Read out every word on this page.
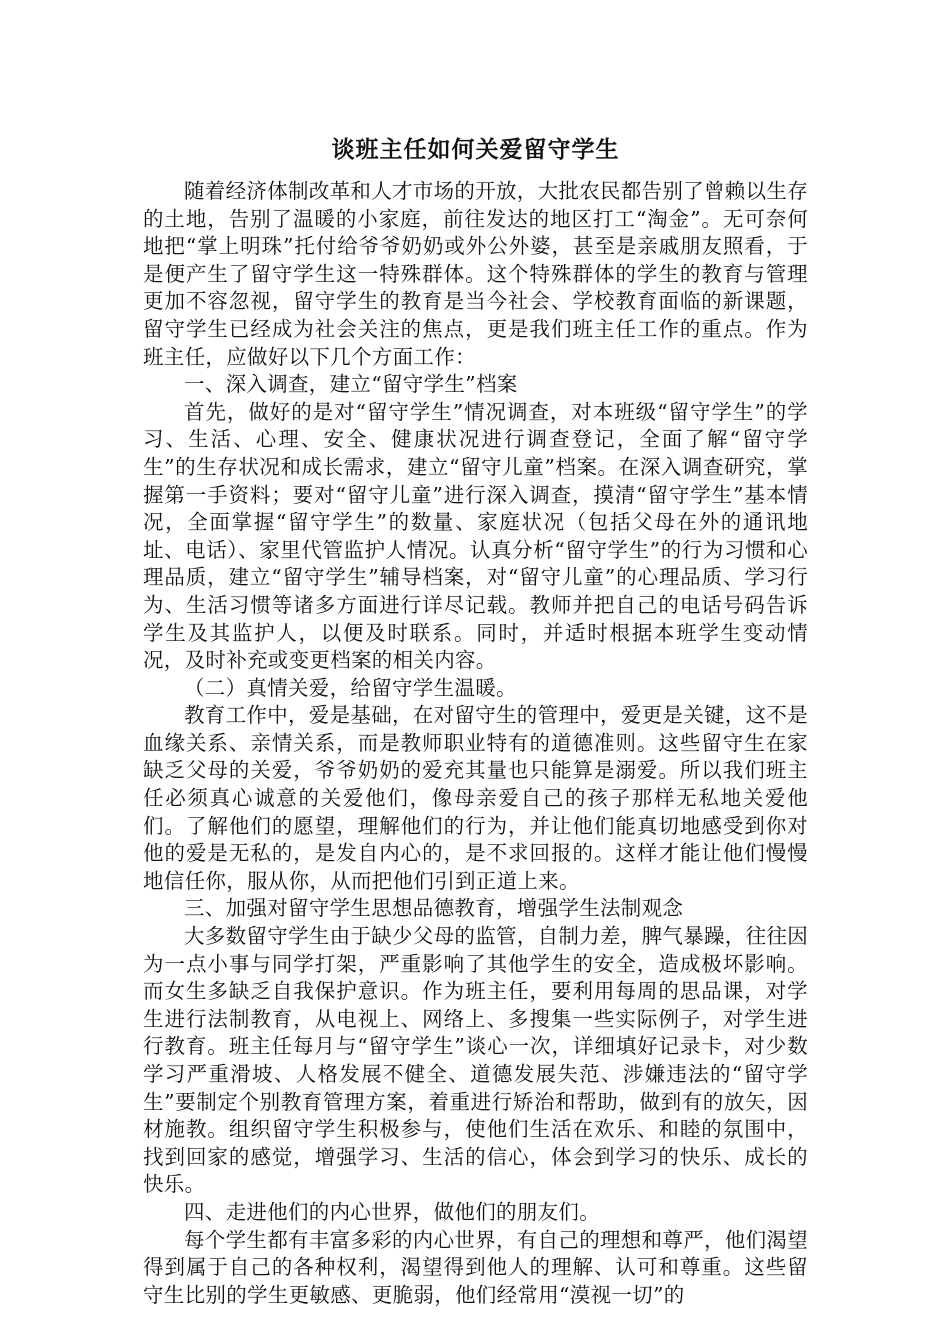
谈班主任如何关爱留守学生

随着经济体制改革和人才市场的开放，大批农民都告别了曾赖以生存的土地，告别了温暖的小家庭，前往发达的地区打工“淘金”。无可奈何地把“掌上明珠”托付给爷爷奶奶或外公外婆，甚至是亲戚朋友照看，于是便产生了留守学生这一特殊群体。这个特殊群体的学生的教育与管理更加不容忽视，留守学生的教育是当今社会、学校教育面临的新课题，留守学生已经成为社会关注的焦点，更是我们班主任工作的重点。作为班主任，应做好以下几个方面工作：

一、深入调查，建立“留守学生”档案

首先，做好的是对“留守学生”情况调查，对本班级“留守学生”的学习、生活、心理、安全、健康状况进行调查登记，全面了解“留守学生”的生存状况和成长需求，建立“留守儿童”档案。在深入调查研究，掌握第一手资料；要对“留守儿童”进行深入调查，摸清“留守学生”基本情况，全面掌握“留守学生”的数量、家庭状况（包括父母在外的通讯地址、电话）、家里代管监护人情况。认真分析“留守学生”的行为习惯和心理品质，建立“留守学生”辅导档案，对“留守儿童”的心理品质、学习行为、生活习惯等诸多方面进行详尽记载。教师并把自己的电话号码告诉学生及其监护人，以便及时联系。同时，并适时根据本班学生变动情况，及时补充或变更档案的相关内容。

（二）真情关爱，给留守学生温暖。

教育工作中，爱是基础，在对留守生的管理中，爱更是关键，这不是血缘关系、亲情关系，而是教师职业特有的道德准则。这些留守生在家缺乏父母的关爱，爷爷奶奶的爱充其量也只能算是溺爱。所以我们班主任必须真心诚意的关爱他们，像母亲爱自己的孩子那样无私地关爱他们。了解他们的愿望，理解他们的行为，并让他们能真切地感受到你对他的爱是无私的，是发自内心的，是不求回报的。这样才能让他们慢慢地信任你，服从你，从而把他们引到正道上来。

三、加强对留守学生思想品德教育，增强学生法制观念

大多数留守学生由于缺少父母的监管，自制力差，脾气暴躁，往往因为一点小事与同学打架，严重影响了其他学生的安全，造成极坏影响。而女生多缺乏自我保护意识。作为班主任，要利用每周的思品课，对学生进行法制教育，从电视上、网络上、多搜集一些实际例子，对学生进行教育。班主任每月与“留守学生”谈心一次，详细填好记录卡，对少数学习严重滑坡、人格发展不健全、道德发展失范、涉嫌违法的“留守学生”要制定个别教育管理方案，着重进行矫治和帮助，做到有的放矢，因材施教。组织留守学生积极参与，使他们生活在欢乐、和睦的氛围中，找到回家的感觉，增强学习、生活的信心，体会到学习的快乐、成长的快乐。

四、走进他们的内心世界，做他们的朋友们。

每个学生都有丰富多彩的内心世界，有自己的理想和尊严，他们渴望得到属于自己的各种权利，渴望得到他人的理解、认可和尊重。这些留守生比别的学生更敏感、更脆弱，他们经常用“漠视一切”的
